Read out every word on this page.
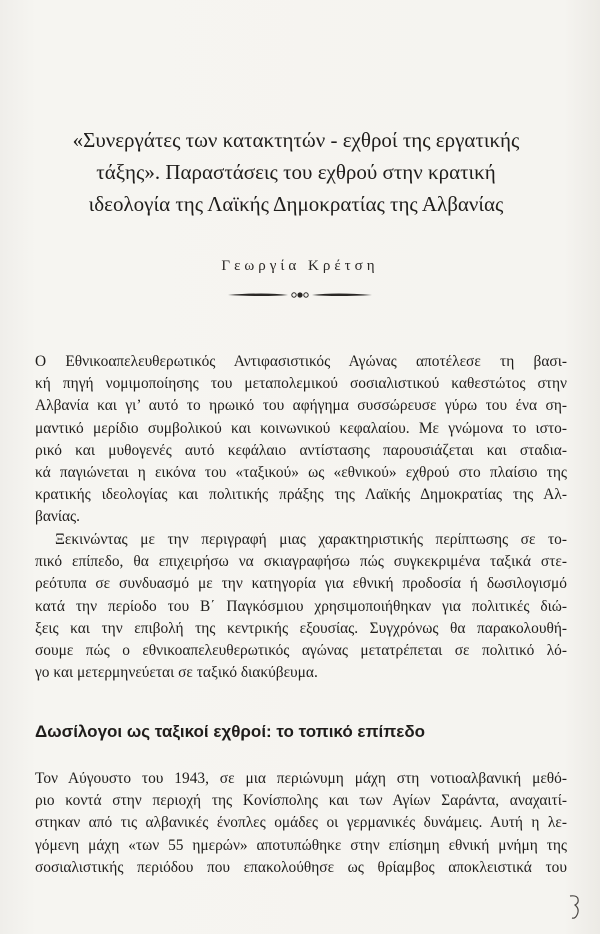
«Συνεργάτες των κατακτητών - εχθροί της εργατικής
τάξης». Παραστάσεις του εχθρού στην κρατική
ιδεολογία της Λαϊκής Δημοκρατίας της Αλβανίας
Γεωργία Κρέτση
Ο Εθνικοαπελευθερωτικός Αντιφασιστικός Αγώνας αποτέλεσε τη βασι-
κή πηγή νομιμοποίησης του μεταπολεμικού σοσιαλιστικού καθεστώτος στην
Αλβανία και γι’ αυτό το ηρωικό του αφήγημα συσσώρευσε γύρω του ένα ση-
μαντικό μερίδιο συμβολικού και κοινωνικού κεφαλαίου. Με γνώμονα το ιστο-
ρικό και μυθογενές αυτό κεφάλαιο αντίστασης παρουσιάζεται και σταδια-
κά παγιώνεται η εικόνα του «ταξικού» ως «εθνικού» εχθρού στο πλαίσιο της
κρατικής ιδεολογίας και πολιτικής πράξης της Λαϊκής Δημοκρατίας της Αλ-
βανίας.
Ξεκινώντας με την περιγραφή μιας χαρακτηριστικής περίπτωσης σε το-
πικό επίπεδο, θα επιχειρήσω να σκιαγραφήσω πώς συγκεκριμένα ταξικά στε-
ρεότυπα σε συνδυασμό με την κατηγορία για εθνική προδοσία ή δωσιλογισμό
κατά την περίοδο του Β΄ Παγκόσμιου χρησιμοποιήθηκαν για πολιτικές διώ-
ξεις και την επιβολή της κεντρικής εξουσίας. Συγχρόνως θα παρακολουθή-
σουμε πώς ο εθνικοαπελευθερωτικός αγώνας μετατρέπεται σε πολιτικό λό-
γο και μετερμηνεύεται σε ταξικό διακύβευμα.
Δωσίλογοι ως ταξικοί εχθροί: το τοπικό επίπεδο
Τον Αύγουστο του 1943, σε μια περιώνυμη μάχη στη νοτιοαλβανική μεθό-
ριο κοντά στην περιοχή της Κονίσπολης και των Αγίων Σαράντα, αναχαιτί-
στηκαν από τις αλβανικές ένοπλες ομάδες οι γερμανικές δυνάμεις. Αυτή η λε-
γόμενη μάχη «των 55 ημερών» αποτυπώθηκε στην επίσημη εθνική μνήμη της
σοσιαλιστικής περιόδου που επακολούθησε ως θρίαμβος αποκλειστικά του
